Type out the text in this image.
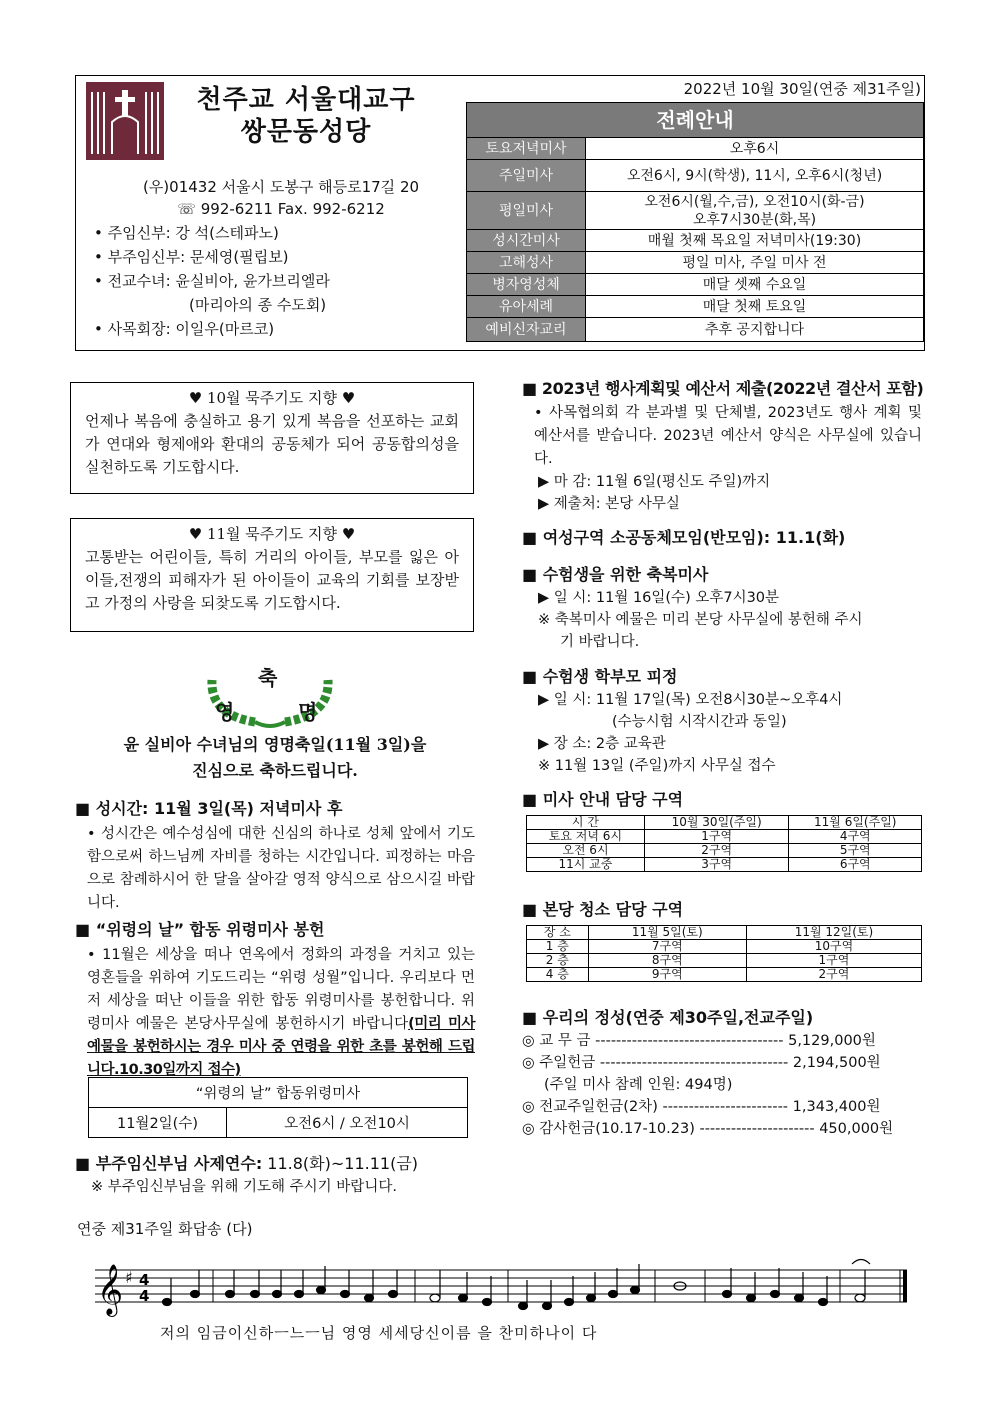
천주교 서울대교구
쌍문동성당
(우)01432 서울시 도봉구 해등로17길 20
☏ 992-6211 Fax. 992-6212
• 주임신부: 강 석(스테파노)
• 부주임신부: 문세영(필립보)
• 전교수녀: 윤실비아, 윤가브리엘라
(마리아의 종 수도회)
• 사목회장: 이일우(마르코)
2022년 10월 30일(연중 제31주일)
전례안내	
토요저녁미사	오후6시
주일미사	오전6시, 9시(학생), 11시, 오후6시(청년)
평일미사	오전6시(월,수,금), 오전10시(화-금)
오후7시30분(화,목)

성시간미사	매월 첫째 목요일 저녁미사(19:30)
고해성사	평일 미사, 주일 미사 전
병자영성체	매달 셋째 수요일
유아세례	매달 첫째 토요일
예비신자교리	추후 공지합니다
♥ 10월 묵주기도 지향 ♥
언제나 복음에 충실하고 용기 있게 복음을 선포하는 교회가 연대와 형제애와 환대의 공동체가 되어 공동합의성을 실천하도록 기도합시다.
♥ 11월 묵주기도 지향 ♥
고통받는 어린이들, 특히 거리의 아이들, 부모를 잃은 아이들,전쟁의 피해자가 된 아이들이 교육의 기회를 보장받고 가정의 사랑을 되찾도록 기도합시다.
축
영	명
윤 실비아 수녀님의 영명축일(11월 3일)을
진심으로 축하드립니다.
■ 성시간: 11월 3일(목) 저녁미사 후
• 성시간은 예수성심에 대한 신심의 하나로 성체 앞에서 기도함으로써 하느님께 자비를 청하는 시간입니다. 피정하는 마음으로 참례하시어 한 달을 살아갈 영적 양식으로 삼으시길 바랍니다.
■ “위령의 날” 합동 위령미사 봉헌
• 11월은 세상을 떠나 연옥에서 정화의 과정을 거치고 있는 영혼들을 위하여 기도드리는 “위령 성월”입니다. 우리보다 먼저 세상을 떠난 이들을 위한 합동 위령미사를 봉헌합니다. 위령미사 예물은 본당사무실에 봉헌하시기 바랍니다(미리 미사예물을 봉헌하시는 경우 미사 중 연령을 위한 초를 봉헌해 드립니다.10.30일까지 접수)
“위령의 날” 합동위령미사
11월2일(수)	오전6시 / 오전10시
■ 부주임신부님 사제연수: 11.8(화)~11.11(금)
※ 부주임신부님을 위해 기도해 주시기 바랍니다.
■ 2023년 행사계획및 예산서 제출(2022년 결산서 포함)
• 사목협의회 각 분과별 및 단체별, 2023년도 행사 계획 및 예산서를 받습니다. 2023년 예산서 양식은 사무실에 있습니다.
▶ 마 감: 11월 6일(평신도 주일)까지
▶ 제출처: 본당 사무실
■ 여성구역 소공동체모임(반모임): 11.1(화)
■ 수험생을 위한 축복미사
▶ 일 시: 11월 16일(수) 오후7시30분
※ 축복미사 예물은 미리 본당 사무실에 봉헌해 주시
기 바랍니다.
■ 수험생 학부모 피정
▶ 일 시: 11월 17일(목) 오전8시30분~오후4시
(수능시험 시작시간과 동일)
▶ 장 소: 2층 교육관
※ 11월 13일 (주일)까지 사무실 접수
■ 미사 안내 담당 구역
시 간	10월 30일(주일)	11월 6일(주일)
토요 저녁 6시	1구역	4구역
오전 6시	2구역	5구역
11시 교중	3구역	6구역
■ 본당 청소 담당 구역
장 소	11월 5일(토)	11월 12일(토)
1 층	7구역	10구역
2 층	8구역	1구역
4 층	9구역	2구역
■ 우리의 정성(연중 제30주일,전교주일)
◎ 교 무 금 ------------------------------------ 5,129,000원
◎ 주일헌금 ------------------------------------ 2,194,500원
(주일 미사 참례 인원: 494명)
◎ 전교주일헌금(2차) ------------------------ 1,343,400원
◎ 감사헌금(10.17-10.23) ---------------------- 450,000원
연중 제31주일 화답송 (다)
𝄞 ♯ 4
4
저의 임금이신하ㅡ느ㅡ님 영영 세세당신이름 을 찬미하나이 다
